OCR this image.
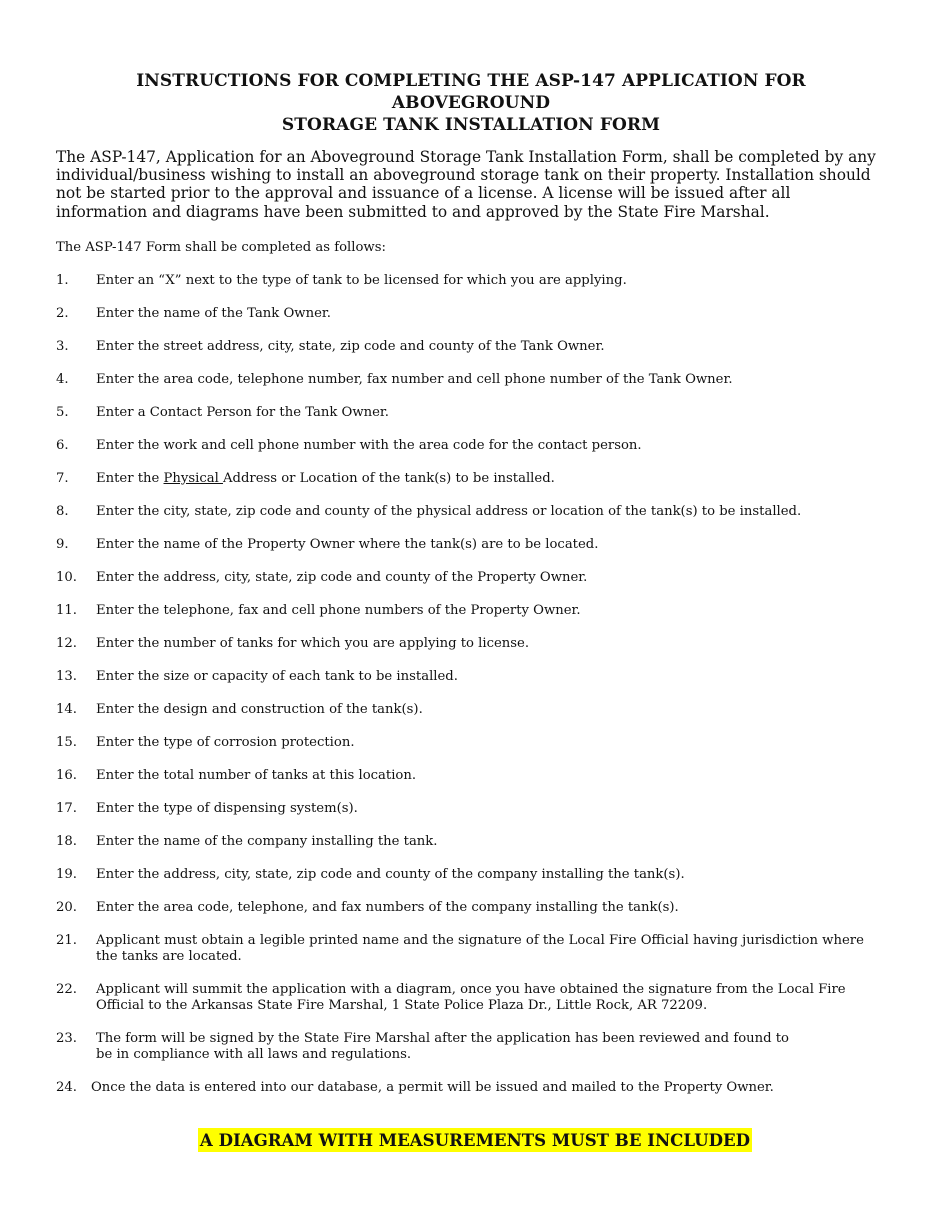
INSTRUCTIONS FOR COMPLETING THE ASP-147 APPLICATION FOR ABOVEGROUND
STORAGE TANK INSTALLATION FORM

The ASP-147, Application for an Aboveground Storage Tank Installation Form, shall be completed by any individual/business wishing to install an aboveground storage tank on their property. Installation should not be started prior to the approval and issuance of a license. A license will be issued after all information and diagrams have been submitted to and approved by the State Fire Marshal.

The ASP-147 Form shall be completed as follows:

1. Enter an “X” next to the type of tank to be licensed for which you are applying.
2. Enter the name of the Tank Owner.
3. Enter the street address, city, state, zip code and county of the Tank Owner.
4. Enter the area code, telephone number, fax number and cell phone number of the Tank Owner.
5. Enter a Contact Person for the Tank Owner.
6. Enter the work and cell phone number with the area code for the contact person.
7. Enter the Physical Address or Location of the tank(s) to be installed.
8. Enter the city, state, zip code and county of the physical address or location of the tank(s) to be installed.
9. Enter the name of the Property Owner where the tank(s) are to be located.
10. Enter the address, city, state, zip code and county of the Property Owner.
11. Enter the telephone, fax and cell phone numbers of the Property Owner.
12. Enter the number of tanks for which you are applying to license.
13. Enter the size or capacity of each tank to be installed.
14. Enter the design and construction of the tank(s).
15. Enter the type of corrosion protection.
16. Enter the total number of tanks at this location.
17. Enter the type of dispensing system(s).
18. Enter the name of the company installing the tank.
19. Enter the address, city, state, zip code and county of the company installing the tank(s).
20. Enter the area code, telephone, and fax numbers of the company installing the tank(s).
21. Applicant must obtain a legible printed name and the signature of the Local Fire Official having jurisdiction where the tanks are located.
22. Applicant will summit the application with a diagram, once you have obtained the signature from the Local Fire Official to the Arkansas State Fire Marshal, 1 State Police Plaza Dr., Little Rock, AR 72209.
23. The form will be signed by the State Fire Marshal after the application has been reviewed and found to
be in compliance with all laws and regulations.
24. Once the data is entered into our database, a permit will be issued and mailed to the Property Owner.
A DIAGRAM WITH MEASUREMENTS MUST BE INCLUDED
